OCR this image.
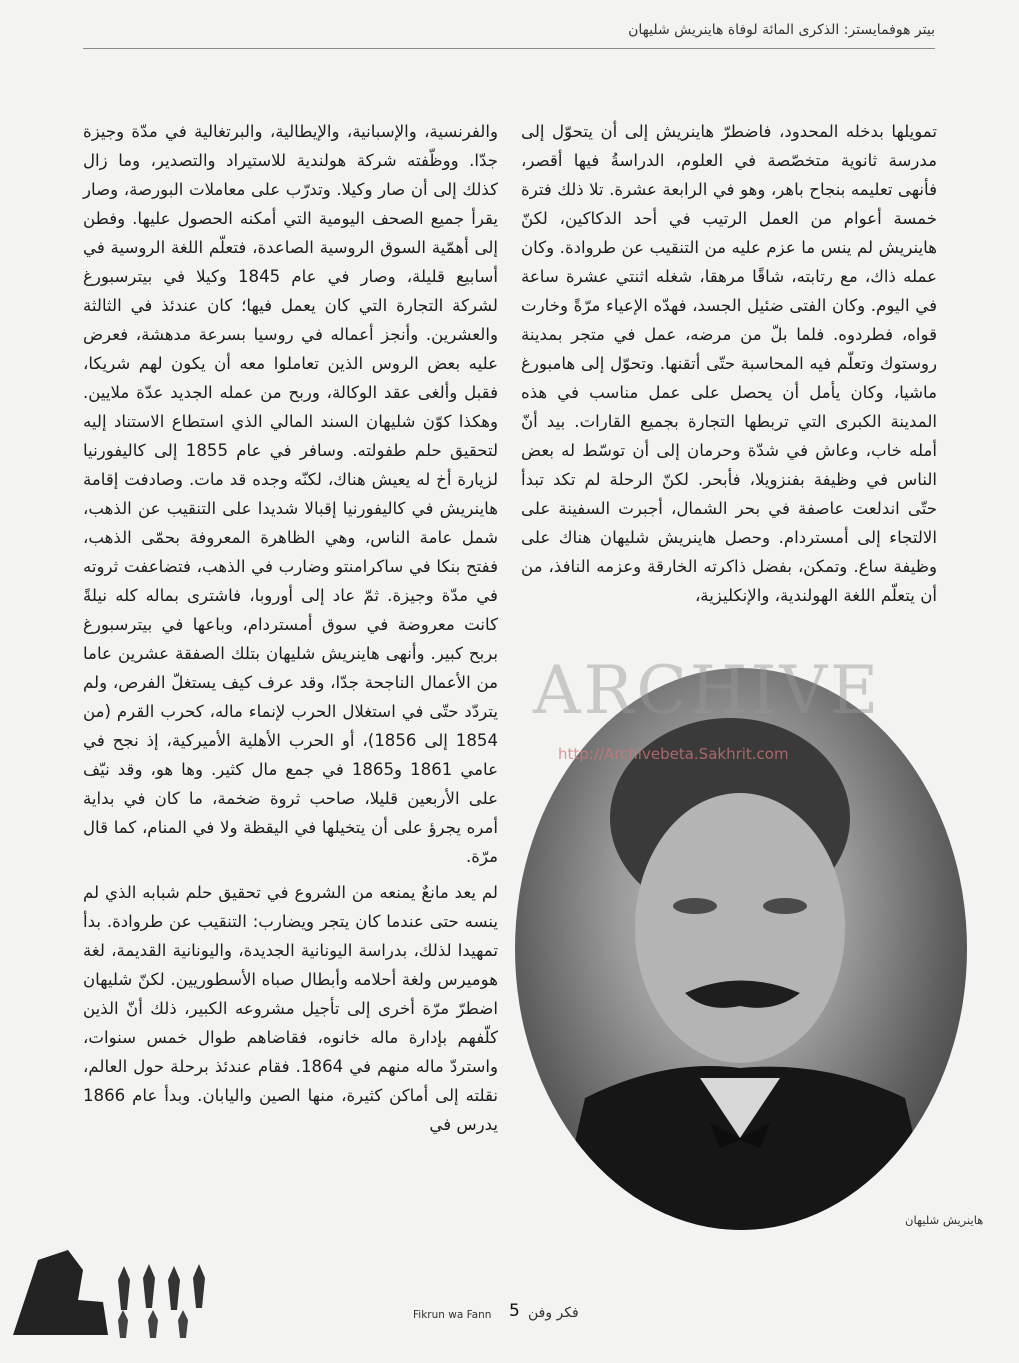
بيتر هوفمايستر: الذكرى المائة لوفاة هاينريش شليهان

تمويلها بدخله المحدود، فاضطرّ هاينريش إلى أن يتحوّل إلى مدرسة ثانوية متخصّصة في العلوم، الدراسةُ فيها أقصر، فأنهى تعليمه بنجاح باهر، وهو في الرابعة عشرة. تلا ذلك فترة خمسة أعوام من العمل الرتيب في أحد الدكاكين، لكنّ هاينريش لم ينس ما عزم عليه من التنقيب عن طروادة. وكان عمله ذاك، مع رتابته، شاقًا مرهقا، شغله اثنتي عشرة ساعة في اليوم. وكان الفتى ضئيل الجسد، فهدّه الإعياء مرّةً وخارت قواه، فطردوه. فلما بلّ من مرضه، عمل في متجر بمدينة روستوك وتعلّم فيه المحاسبة حتّى أتقنها. وتحوّل إلى هامبورغ ماشيا، وكان يأمل أن يحصل على عمل مناسب في هذه المدينة الكبرى التي تربطها التجارة بجميع القارات. بيد أنّ أمله خاب، وعاش في شدّة وحرمان إلى أن توسّط له بعض الناس في وظيفة بفنزويلا، فأبحر. لكنّ الرحلة لم تكد تبدأ حتّى اندلعت عاصفة في بحر الشمال، أجبرت السفينة على الالتجاء إلى أمستردام. وحصل هاينريش شليهان هناك على وظيفة ساع. وتمكن، بفضل ذاكرته الخارقة وعزمه النافذ، من أن يتعلّم اللغة الهولندية، والإنكليزية،

والفرنسية، والإسبانية، والإيطالية، والبرتغالية في مدّة وجيزة جدّا. ووظّفته شركة هولندية للاستيراد والتصدير، وما زال كذلك إلى أن صار وكيلا. وتدرّب على معاملات البورصة، وصار يقرأ جميع الصحف اليومية التي أمكنه الحصول عليها. وفطن إلى أهمّية السوق الروسية الصاعدة، فتعلّم اللغة الروسية في أسابيع قليلة، وصار في عام 1845 وكيلا في بيترسبورغ لشركة التجارة التي كان يعمل فيها؛ كان عندئذ في الثالثة والعشرين. وأنجز أعماله في روسيا بسرعة مدهشة، فعرض عليه بعض الروس الذين تعاملوا معه أن يكون لهم شريكا، فقبل وألغى عقد الوكالة، وربح من عمله الجديد عدّة ملايين. وهكذا كوّن شليهان السند المالي الذي استطاع الاستناد إليه لتحقيق حلم طفولته. وسافر في عام 1855 إلى كاليفورنيا لزيارة أخ له يعيش هناك، لكنّه وجده قد مات. وصادفت إقامة هاينريش في كاليفورنيا إقبالا شديدا على التنقيب عن الذهب، شمل عامة الناس، وهي الظاهرة المعروفة بحمّى الذهب، ففتح بنكا في ساكرامنتو وضارب في الذهب، فتضاعفت ثروته في مدّة وجيزة. ثمّ عاد إلى أوروبا، فاشترى بماله كله نيلةً كانت معروضة في سوق أمستردام، وباعها في بيترسبورغ بربح كبير. وأنهى هاينريش شليهان بتلك الصفقة عشرين عاما من الأعمال الناجحة جدّا، وقد عرف كيف يستغلّ الفرص، ولم يتردّد حتّى في استغلال الحرب لإنماء ماله، كحرب القرم (من 1854 إلى 1856)، أو الحرب الأهلية الأميركية، إذ نجح في عامي 1861 و1865 في جمع مال كثير. وها هو، وقد نيّف على الأربعين قليلا، صاحب ثروة ضخمة، ما كان في بداية أمره يجرؤ على أن يتخيلها في اليقظة ولا في المنام، كما قال مرّة.

لم يعد مانعٌ يمنعه من الشروع في تحقيق حلم شبابه الذي لم ينسه حتى عندما كان يتجر ويضارب: التنقيب عن طروادة. بدأ تمهيدا لذلك، بدراسة اليونانية الجديدة، واليونانية القديمة، لغة هوميرس ولغة أحلامه وأبطال صباه الأسطوريين. لكنّ شليهان اضطرّ مرّة أخرى إلى تأجيل مشروعه الكبير، ذلك أنّ الذين كلّفهم بإدارة ماله خانوه، فقاضاهم طوال خمس سنوات، واستردّ ماله منهم في 1864. فقام عندئذ برحلة حول العالم، نقلته إلى أماكن كثيرة، منها الصين واليابان. وبدأ عام 1866 يدرس في

ARCHIVE
http://Archivebeta.Sakhrit.com
هاينريش شليهان
Fikrun wa Fann 5 فكر وفن
